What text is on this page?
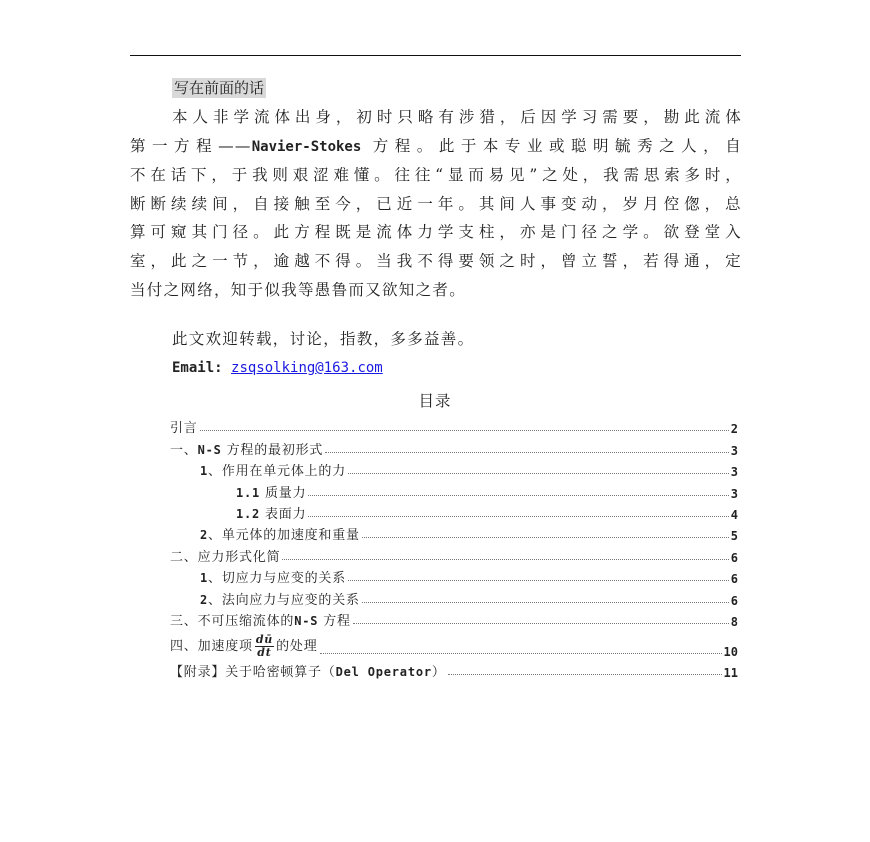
写在前面的话

本人非学流体出身，初时只略有涉猎，后因学习需要，勘此流体

第一方程——Navier-Stokes 方程。此于本专业或聪明毓秀之人，自

不在话下，于我则艰涩难懂。往往“显而易见”之处，我需思索多时，

断断续续间，自接触至今，已近一年。其间人事变动，岁月倥偬，总

算可窥其门径。此方程既是流体力学支柱，亦是门径之学。欲登堂入

室，此之一节，逾越不得。当我不得要领之时，曾立誓，若得通，定

当付之网络，知于似我等愚鲁而又欲知之者。

此文欢迎转载，讨论，指教，多多益善。
Email: zsqsolking@163.com
目录
引言	2
一、N-S 方程的最初形式	3
1、作用在单元体上的力	3
1.1 质量力	3
1.2 表面力	4
2、单元体的加速度和重量	5
二、应力形式化简	6
1、切应力与应变的关系	6
2、法向应力与应变的关系	6
三、不可压缩流体的N-S 方程	8
四、加速度项 $\frac{dū}{dt}$ 的处理	10
【附录】关于哈密顿算子（Del Operator）	11
